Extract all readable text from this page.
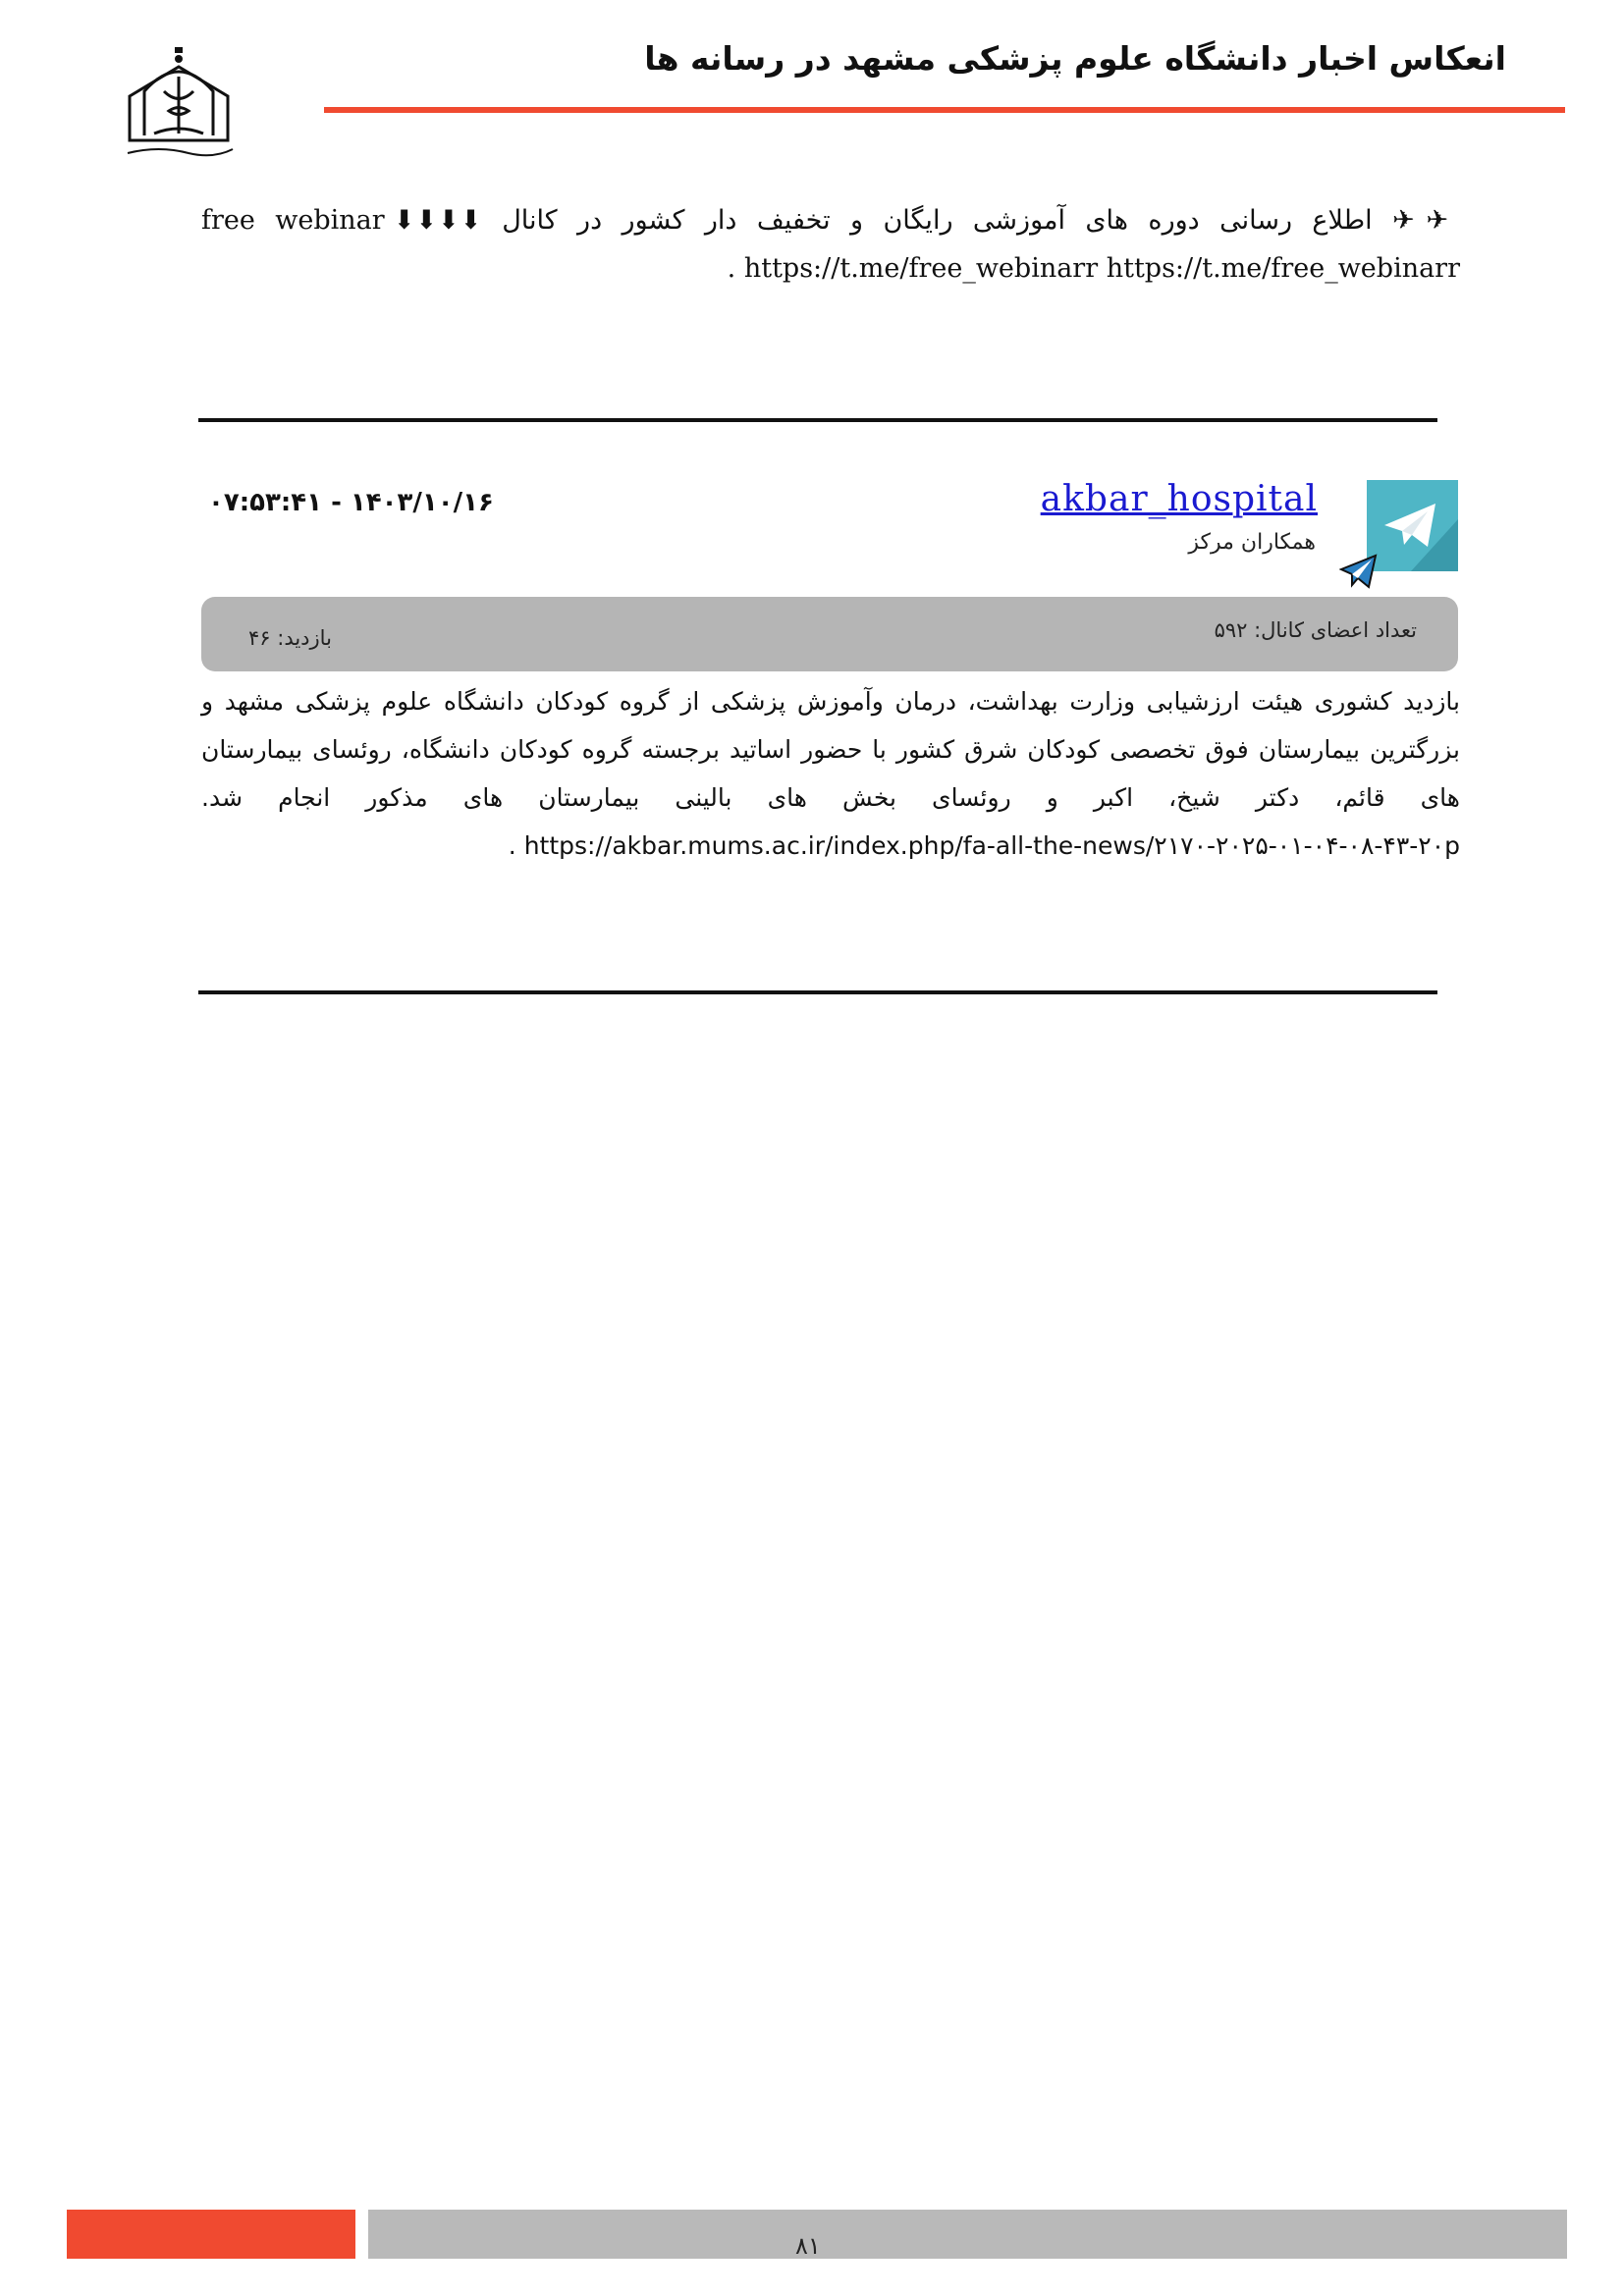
انعکاس اخبار دانشگاه علوم پزشکی مشهد در رسانه ها
✈✈ اطلاع رسانی دوره های آموزشی رایگان و تخفیف دار کشور در کانال free webinar ⬇⬇⬇⬇ https://t.me/free_webinarr https://t.me/free_webinarr .
akbar_hospital
همکاران مرکز
۱۴۰۳/۱۰/۱۶ - ۰۷:۵۳:۴۱
تعداد اعضای کانال: ۵۹۲
بازدید: ۴۶
بازدید کشوری هیئت ارزشیابی وزارت بهداشت، درمان وآموزش پزشکی از گروه کودکان دانشگاه علوم پزشکی مشهد و بزرگترین بیمارستان فوق تخصصی کودکان شرق کشور با حضور اساتید برجسته گروه کودکان دانشگاه، روئسای بیمارستان های قائم، دکتر شیخ، اکبر و روئسای بخش های بالینی بیمارستان های مذکور انجام شد. https://akbar.mums.ac.ir/index.php/fa-all-the-news/۲۱۷۰-۲۰۲۵-۰۱-۰۴-۰۸-۴۳-۲۰p .
۸۱
